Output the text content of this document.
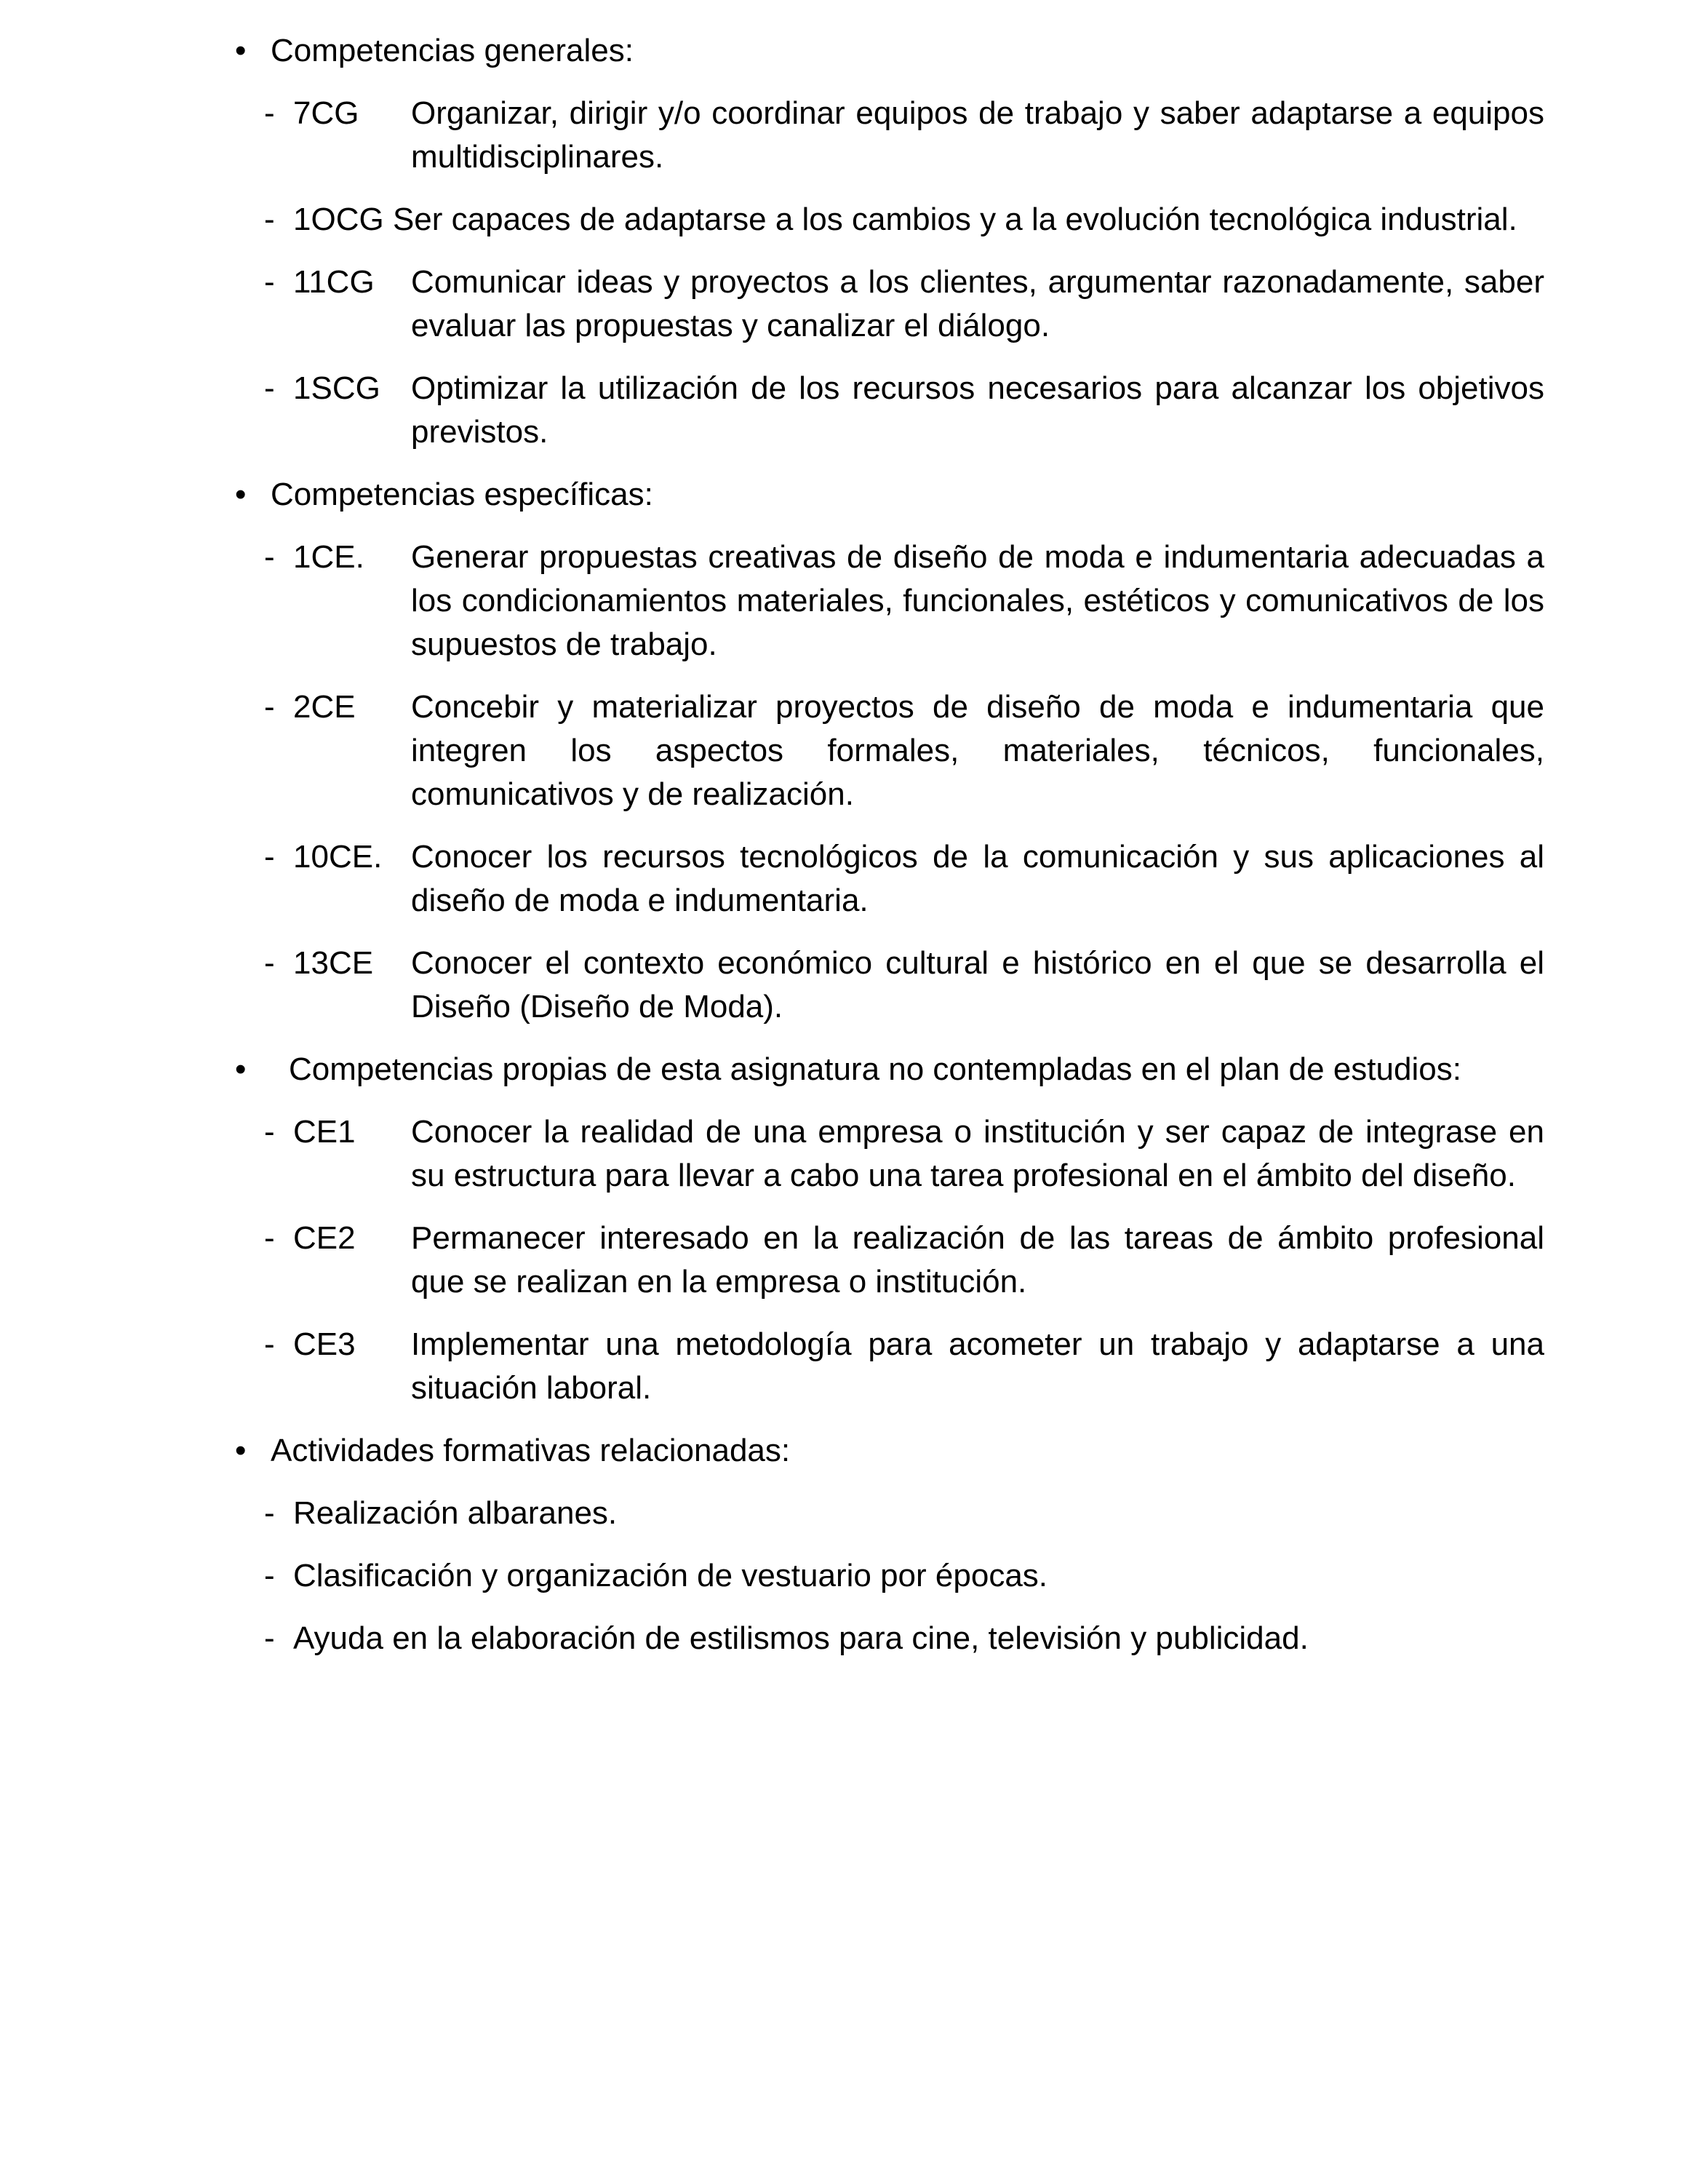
• Competencias generales:
- 7CG	Organizar, dirigir y/o coordinar equipos de trabajo y saber adaptarse a equipos multidisciplinares.
- 1OCG Ser capaces de adaptarse a los cambios y a la evolución tecnológica industrial.
- 11CG	Comunicar ideas y proyectos a los clientes, argumentar razonadamente, saber evaluar las propuestas y canalizar el diálogo.
- 1SCG Optimizar la utilización de los recursos necesarios para alcanzar los objetivos previstos.
• Competencias específicas:
- 1CE.	Generar propuestas creativas de diseño de moda e indumentaria adecuadas a los condicionamientos materiales, funcionales, estéticos y comunicativos de los supuestos de trabajo.
- 2CE	Concebir y materializar proyectos de diseño de moda e indumentaria que integren los aspectos formales, materiales, técnicos, funcionales, comunicativos y de realización.
- 10CE. Conocer los recursos tecnológicos de la comunicación y sus aplicaciones al diseño de moda e indumentaria.
- 13CE	Conocer el contexto económico cultural e histórico en el que se desarrolla el Diseño (Diseño de Moda).
•	Competencias propias de esta asignatura no contempladas en el plan de estudios:
- CE1	Conocer la realidad de una empresa o institución y ser capaz de integrase en su estructura para llevar a cabo una tarea profesional en el ámbito del diseño.
- CE2	Permanecer interesado en la realización de las tareas de ámbito profesional que se realizan en la empresa o institución.
- CE3	Implementar una metodología para acometer un trabajo y adaptarse a una situación laboral.
• Actividades formativas relacionadas:
- Realización albaranes.
- Clasificación y organización de vestuario por épocas.
- Ayuda en la elaboración de estilismos para cine, televisión y publicidad.
